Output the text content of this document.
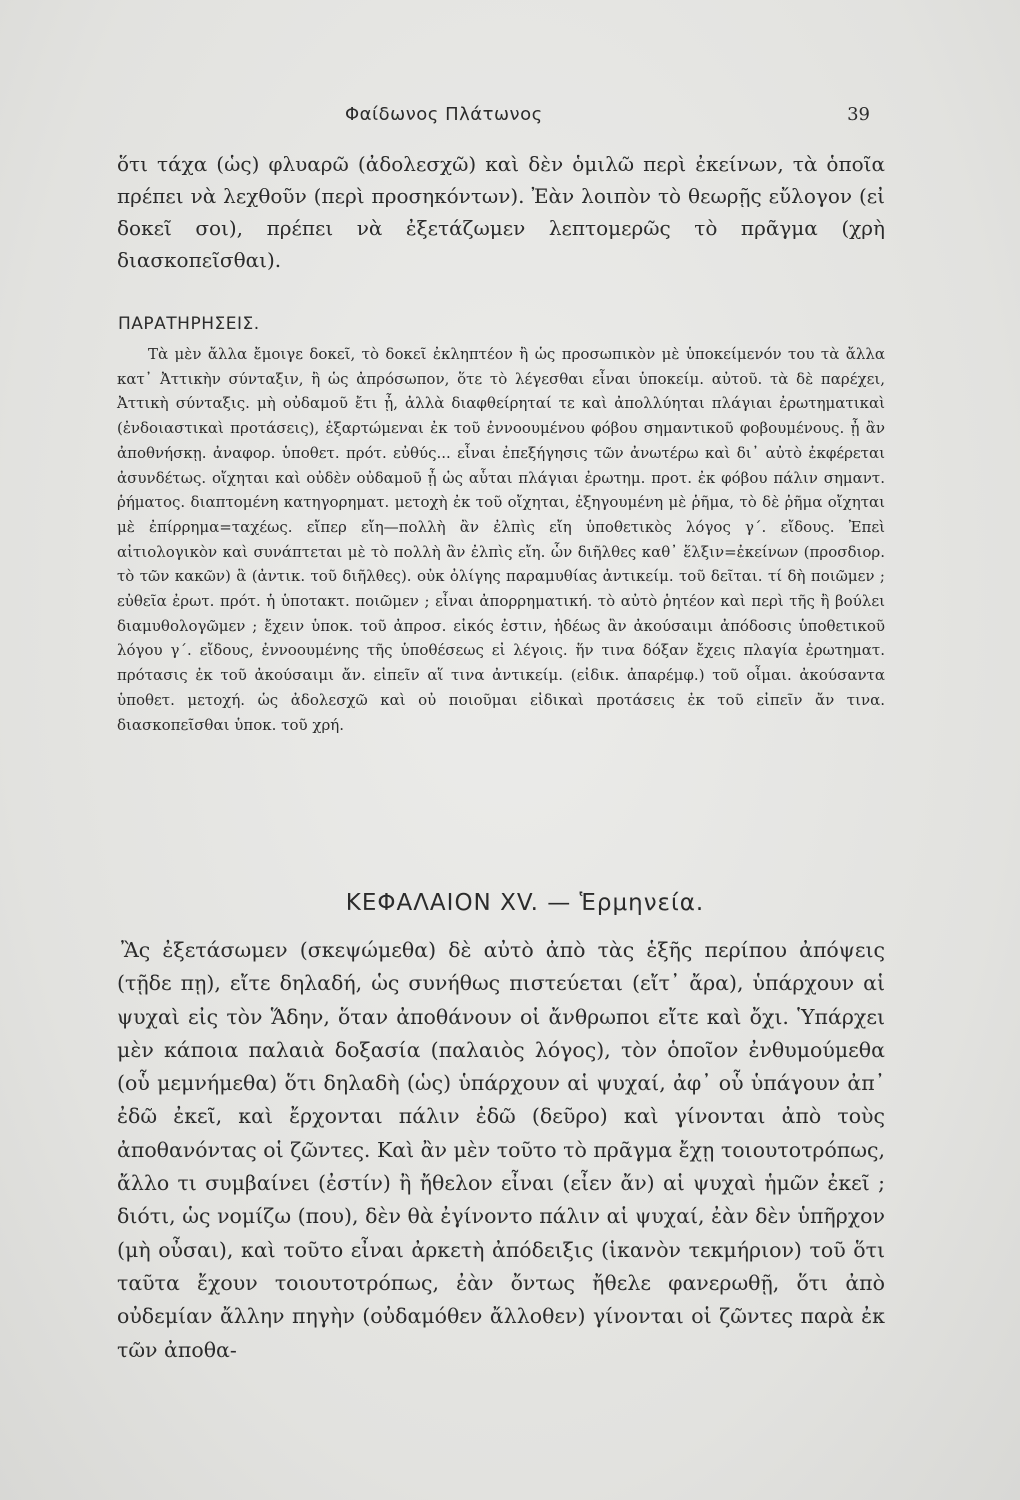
Φαίδωνος Πλάτωνος	39
ὅτι τάχα (ὡς) φλυαρῶ (ἀδολεσχῶ) καὶ δὲν ὁμιλῶ περὶ ἐκείνων, τὰ ὁποῖα πρέπει νὰ λεχθοῦν (περὶ προσηκόντων). Ἐὰν λοιπὸν τὸ θεωρῇς εὔλογον (εἰ δοκεῖ σοι), πρέπει νὰ ἐξετάζωμεν λεπτομερῶς τὸ πρᾶγμα (χρὴ διασκοπεῖσθαι).
ΠΑΡΑΤΗΡΗΣΕΙΣ.
Τὰ μὲν ἄλλα ἔμοιγε δοκεῖ, τὸ δοκεῖ ἐκληπτέον ἢ ὡς προσωπικὸν μὲ ὑποκείμενόν του τὰ ἄλλα κατ᾽ Ἀττικὴν σύνταξιν, ἢ ὡς ἀπρόσωπον, ὅτε τὸ λέγεσθαι εἶναι ὑποκείμ. αὐτοῦ. τὰ δὲ παρέχει, Ἀττικὴ σύνταξις. μὴ οὐδαμοῦ ἔτι ᾖ, ἀλλὰ διαφθείρηταί τε καὶ ἀπολλύηται πλάγιαι ἐρωτηματικαὶ (ἐνδοιαστικαὶ προτάσεις), ἐξαρτώμεναι ἐκ τοῦ ἐννοουμένου φόβου σημαντικοῦ φοβουμένους. ᾖ ἂν ἀποθνήσκῃ. ἀναφορ. ὑποθετ. πρότ. εὐθύς... εἶναι ἐπεξήγησις τῶν ἀνωτέρω καὶ δι᾽ αὐτὸ ἐκφέρεται ἀσυνδέτως. οἴχηται καὶ οὐδὲν οὐδαμοῦ ᾖ ὡς αὗται πλάγιαι ἐρωτημ. προτ. ἐκ φόβου πάλιν σημαντ. ῥήματος. διαπτομένη κατηγορηματ. μετοχὴ ἐκ τοῦ οἴχηται, ἐξηγουμένη μὲ ῥῆμα, τὸ δὲ ῥῆμα οἴχηται μὲ ἐπίρρημα=ταχέως. εἴπερ εἴη—πολλὴ ἂν ἐλπὶς εἴη ὑποθετικὸς λόγος γ΄. εἴδους. Ἐπεὶ αἰτιολογικὸν καὶ συνάπτεται μὲ τὸ πολλὴ ἂν ἐλπὶς εἴη. ὧν διῆλθες καθ᾽ ἕλξιν=ἐκείνων (προσδιορ. τὸ τῶν κακῶν) ἃ (ἀντικ. τοῦ διῆλθες). οὐκ ὀλίγης παραμυθίας ἀντικείμ. τοῦ δεῖται. τί δὴ ποιῶμεν ; εὐθεῖα ἐρωτ. πρότ. ἡ ὑποτακτ. ποιῶμεν ; εἶναι ἀπορρηματική. τὸ αὐτὸ ῥητέον καὶ περὶ τῆς ἢ βούλει διαμυθολογῶμεν ; ἔχειν ὑποκ. τοῦ ἀπροσ. εἰκός ἐστιν, ἡδέως ἂν ἀκούσαιμι ἀπόδοσις ὑποθετικοῦ λόγου γ΄. εἴδους, ἐννοουμένης τῆς ὑποθέσεως εἰ λέγοις. ἥν τινα δόξαν ἔχεις πλαγία ἐρωτηματ. πρότασις ἐκ τοῦ ἀκούσαιμι ἄν. εἰπεῖν αἵ τινα ἀντικείμ. (εἰδικ. ἀπαρέμφ.) τοῦ οἶμαι. ἀκούσαντα ὑποθετ. μετοχή. ὡς ἀδολεσχῶ καὶ οὐ ποιοῦμαι εἰδικαὶ προτάσεις ἐκ τοῦ εἰπεῖν ἄν τινα. διασκοπεῖσθαι ὑποκ. τοῦ χρή.
ΚΕΦΑΛΑΙΟΝ XV. — Ἑρμηνεία.
Ἂς ἐξετάσωμεν (σκεψώμεθα) δὲ αὐτὸ ἀπὸ τὰς ἑξῆς περίπου ἀπόψεις (τῇδε πῃ), εἴτε δηλαδή, ὡς συνήθως πιστεύεται (εἴτ᾽ ἄρα), ὑπάρχουν αἱ ψυχαὶ εἰς τὸν Ἅδην, ὅταν ἀποθάνουν οἱ ἄνθρωποι εἴτε καὶ ὄχι. Ὑπάρχει μὲν κάποια παλαιὰ δοξασία (παλαιὸς λόγος), τὸν ὁποῖον ἐνθυμούμεθα (οὗ μεμνήμεθα) ὅτι δηλαδὴ (ὡς) ὑπάρχουν αἱ ψυχαί, ἀφ᾽ οὗ ὑπάγουν ἀπ᾽ ἐδῶ ἐκεῖ, καὶ ἔρχονται πάλιν ἐδῶ (δεῦρο) καὶ γίνονται ἀπὸ τοὺς ἀποθανόντας οἱ ζῶντες. Καὶ ἂν μὲν τοῦτο τὸ πρᾶγμα ἔχῃ τοιουτοτρόπως, ἄλλο τι συμβαίνει (ἐστίν) ἢ ἤθελον εἶναι (εἶεν ἄν) αἱ ψυχαὶ ἡμῶν ἐκεῖ ; διότι, ὡς νομίζω (που), δὲν θὰ ἐγίνοντο πάλιν αἱ ψυχαί, ἐὰν δὲν ὑπῆρχον (μὴ οὖσαι), καὶ τοῦτο εἶναι ἀρκετὴ ἀπόδειξις (ἱκανὸν τεκμήριον) τοῦ ὅτι ταῦτα ἔχουν τοιουτοτρόπως, ἐὰν ὄντως ἤθελε φανερωθῇ, ὅτι ἀπὸ οὐδεμίαν ἄλλην πηγὴν (οὐδαμόθεν ἄλλοθεν) γίνονται οἱ ζῶντες παρὰ ἐκ τῶν ἀποθα-
